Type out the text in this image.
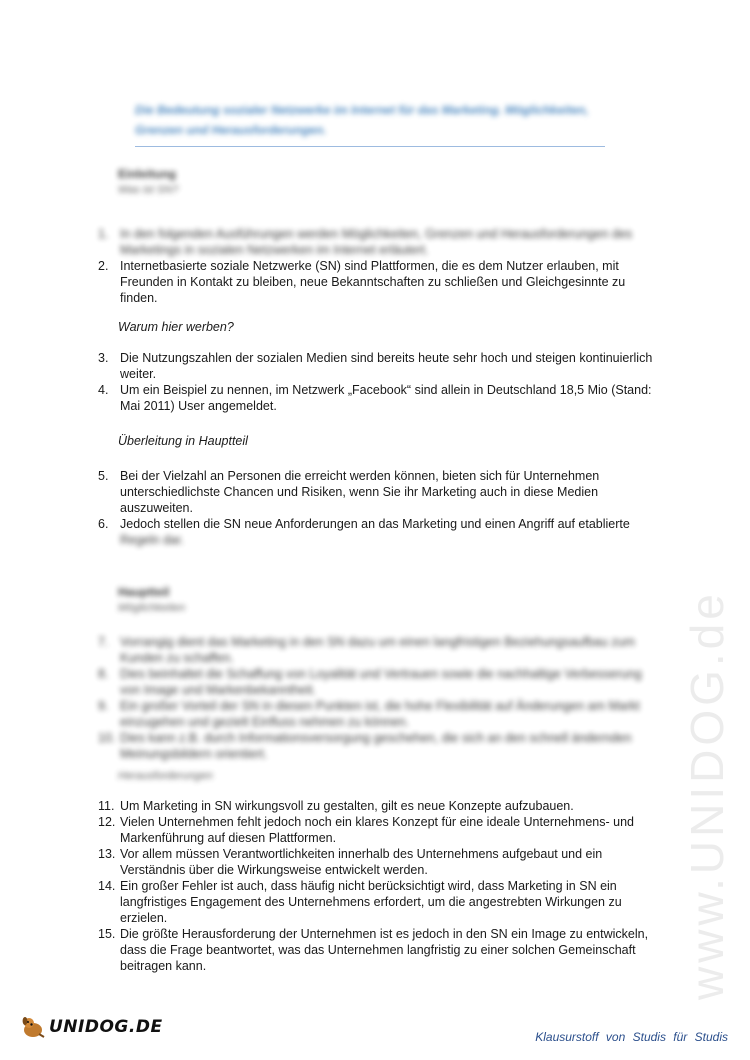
www.UNIDOG.de
Die Bedeutung sozialer Netzwerke im Internet für das Marketing. Möglichkeiten,
Grenzen und Herausforderungen.
Einleitung
Was ist SN?
1. In den folgenden Ausführungen werden Möglichkeiten, Grenzen und Herausforderungen des
Marketings in sozialen Netzwerken im Internet erläutert.
2. Internetbasierte soziale Netzwerke (SN) sind Plattformen, die es dem Nutzer erlauben, mit
Freunden in Kontakt zu bleiben, neue Bekanntschaften zu schließen und Gleichgesinnte zu
finden.
Warum hier werben?
3. Die Nutzungszahlen der sozialen Medien sind bereits heute sehr hoch und steigen kontinuierlich
weiter.
4. Um ein Beispiel zu nennen, im Netzwerk „Facebook“ sind allein in Deutschland 18,5 Mio (Stand:
Mai 2011) User angemeldet.
Überleitung in Hauptteil
5. Bei der Vielzahl an Personen die erreicht werden können, bieten sich für Unternehmen
unterschiedlichste Chancen und Risiken, wenn Sie ihr Marketing auch in diese Medien
auszuweiten.
6. Jedoch stellen die SN neue Anforderungen an das Marketing und einen Angriff auf etablierte
Regeln dar.
Hauptteil
Möglichkeiten
7. Vorrangig dient das Marketing in den SN dazu um einen langfristigen Beziehungsaufbau zum
Kunden zu schaffen.
8. Dies beinhaltet die Schaffung von Loyalität und Vertrauen sowie die nachhaltige Verbesserung
von Image und Markenbekanntheit.
9. Ein großer Vorteil der SN in diesen Punkten ist, die hohe Flexibilität auf Änderungen am Markt
einzugehen und gezielt Einfluss nehmen zu können.
10. Dies kann z.B. durch Informationsversorgung geschehen, die sich an den schnell ändernden
Meinungsbildern orientiert.
Herausforderungen
11. Um Marketing in SN wirkungsvoll zu gestalten, gilt es neue Konzepte aufzubauen.
12. Vielen Unternehmen fehlt jedoch noch ein klares Konzept für eine ideale Unternehmens- und
Markenführung auf diesen Plattformen.
13. Vor allem müssen Verantwortlichkeiten innerhalb des Unternehmens aufgebaut und ein
Verständnis über die Wirkungsweise entwickelt werden.
14. Ein großer Fehler ist auch, dass häufig nicht berücksichtigt wird, dass Marketing in SN ein
langfristiges Engagement des Unternehmens erfordert, um die angestrebten Wirkungen zu
erzielen.
15. Die größte Herausforderung der Unternehmen ist es jedoch in den SN ein Image zu entwickeln,
dass die Frage beantwortet, was das Unternehmen langfristig zu einer solchen Gemeinschaft
beitragen kann.
UNIDOG.DE	Klausurstoff von Studis für Studis
